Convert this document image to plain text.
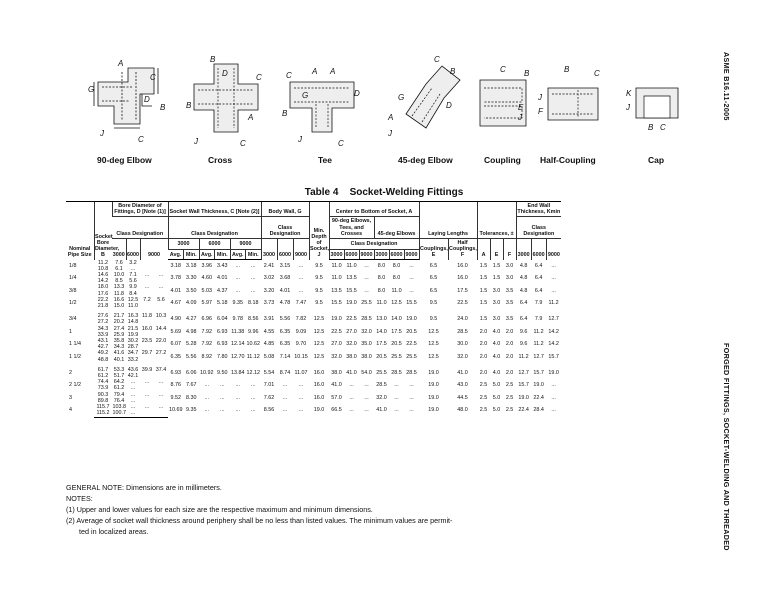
ASME B16.11-2005
FORGED FITTINGS, SOCKET-WELDING AND THREADED
A
C
G
D
B
J
C
B
D	C
A
B
J	C
C	A A
G	D
B
J	C
C
B
G
D
A
J
C B
E
J
B	C
J
F
K
J
B C
90-deg Elbow	Cross	Tee	45-deg Elbow	Coupling Half-Coupling	Cap
Table 4 Socket-Welding Fittings
Nominal Pipe Size	Socket Bore Diameter, B	Bore Diameter of Fittings, D [Note (1)]				Socket Wall Thickness, C [Note (2)]						Body Wall, G			Min. Depth of Socket, J	Center to Bottom of Socket, A						Laying Lengths		Tolerances, ±			End Wall Thickness, Kmin		
		Class Designation				Class Designation						Class Designation				90-deg Elbows, Tees, and Crosses			45-deg Elbows								Class Designation		
		3000	6000	9000		3000		6000		9000		3000	6000	9000		Class Designation						Couplings, E	Half Couplings, F	A	E	F	3000	6000	9000
						Avg.	Min.	Avg.	Min.	Avg.	Min.					3000	6000	9000	3000	6000	9000								
1/8	11.2	7.6	3.2			3.18	3.18	3.96	3.43	...	...	2.41	3.15	...	9.5	11.0	11.0	...	8.0	8.0	...	6.5	16.0	1.5	1.5	3.0	4.8	6.4	...
	10.8	6.1	...																										
1/4	14.6	10.0	7.1	...	...	3.78	3.30	4.60	4.01	...	...	3.02	3.68	...	9.5	11.0	13.5	...	8.0	8.0	...	6.5	16.0	1.5	1.5	3.0	4.8	6.4	...
	14.2	8.5	5.6																										
3/8	18.0	13.3	9.9	...	...	4.01	3.50	5.03	4.37	...	...	3.20	4.01	...	9.5	13.5	15.5	...	8.0	11.0	...	6.5	17.5	1.5	3.0	3.5	4.8	6.4	...
	17.6	11.8	8.4																										
1/2	22.2	16.6	12.5	7.2	5.6	4.67	4.09	5.97	5.18	9.35	8.18	3.73	4.78	7.47	9.5	15.5	19.0	25.5	11.0	12.5	15.5	9.5	22.5	1.5	3.0	3.5	6.4	7.9	11.2
	21.8	15.0	11.0																										

3/4	27.6	21.7	16.3	11.8	10.3	4.90	4.27	6.96	6.04	9.78	8.56	3.91	5.56	7.82	12.5	19.0	22.5	28.5	13.0	14.0	19.0	9.5	24.0	1.5	3.0	3.5	6.4	7.9	12.7
	27.2	20.2	14.8																										
1	34.3	27.4	21.5	16.0	14.4	5.69	4.98	7.92	6.93	11.38	9.96	4.55	6.35	9.09	12.5	22.5	27.0	32.0	14.0	17.5	20.5	12.5	28.5	2.0	4.0	2.0	9.6	11.2	14.2
	33.9	25.9	19.9																										
1 1/4	43.1	35.8	30.2	23.5	22.0	6.07	5.28	7.92	6.93	12.14	10.62	4.85	6.35	9.70	12.5	27.0	32.0	35.0	17.5	20.5	22.5	12.5	30.0	2.0	4.0	2.0	9.6	11.2	14.2
	42.7	34.3	28.7																										
1 1/2	49.2	41.6	34.7	29.7	27.2	6.35	5.56	8.92	7.80	12.70	11.12	5.08	7.14	10.15	12.5	32.0	38.0	38.0	20.5	25.5	25.5	12.5	32.0	2.0	4.0	2.0	11.2	12.7	15.7
	48.8	40.1	33.2																										

2	61.7	53.3	43.6	39.9	37.4	6.93	6.06	10.92	9.50	13.84	12.12	5.54	8.74	11.07	16.0	38.0	41.0	54.0	25.5	28.5	28.5	19.0	41.0	2.0	4.0	2.0	12.7	15.7	19.0
	61.2	51.7	42.1																										
2 1/2	74.4	64.2	...	...	...	8.76	7.67	...	...	...	...	7.01	...	...	16.0	41.0	...	...	28.5	...	...	19.0	43.0	2.5	5.0	2.5	15.7	19.0	...
	73.9	61.2	...																										
3	90.3	79.4	...	...	...	9.52	8.30	...	...	...	...	7.62	...	...	16.0	57.0	...	...	32.0	...	...	19.0	44.5	2.5	5.0	2.5	19.0	22.4	...
	89.8	76.4	...																										
4	115.7	103.8	...	...	...	10.69	9.35	...	...	...	...	8.56	...	...	19.0	66.5	...	...	41.0	...	...	19.0	48.0	2.5	5.0	2.5	22.4	28.4	...
	115.2	100.7	...																										
GENERAL NOTE: Dimensions are in millimeters.
NOTES:
(1) Upper and lower values for each size are the respective maximum and minimum dimensions.
(2) Average of socket wall thickness around periphery shall be no less than listed values. The minimum values are permit-
ted in localized areas.
